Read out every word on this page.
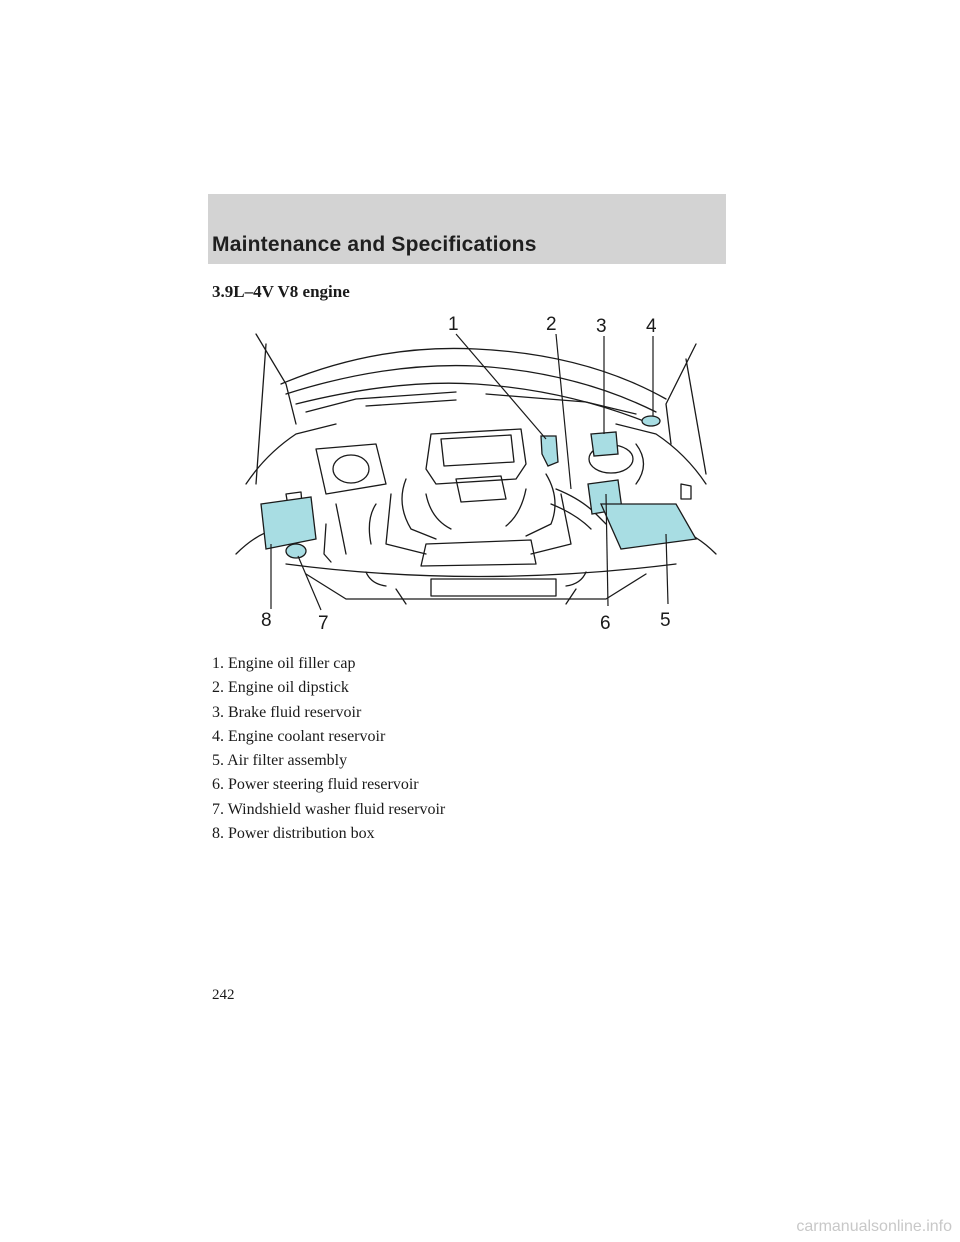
Maintenance and Specifications
3.9L–4V V8 engine
1	2 3 4
5
6
7
8
1. Engine oil filler cap
2. Engine oil dipstick
3. Brake fluid reservoir
4. Engine coolant reservoir
5. Air filter assembly
6. Power steering fluid reservoir
7. Windshield washer fluid reservoir
8. Power distribution box
242
carmanualsonline.info
